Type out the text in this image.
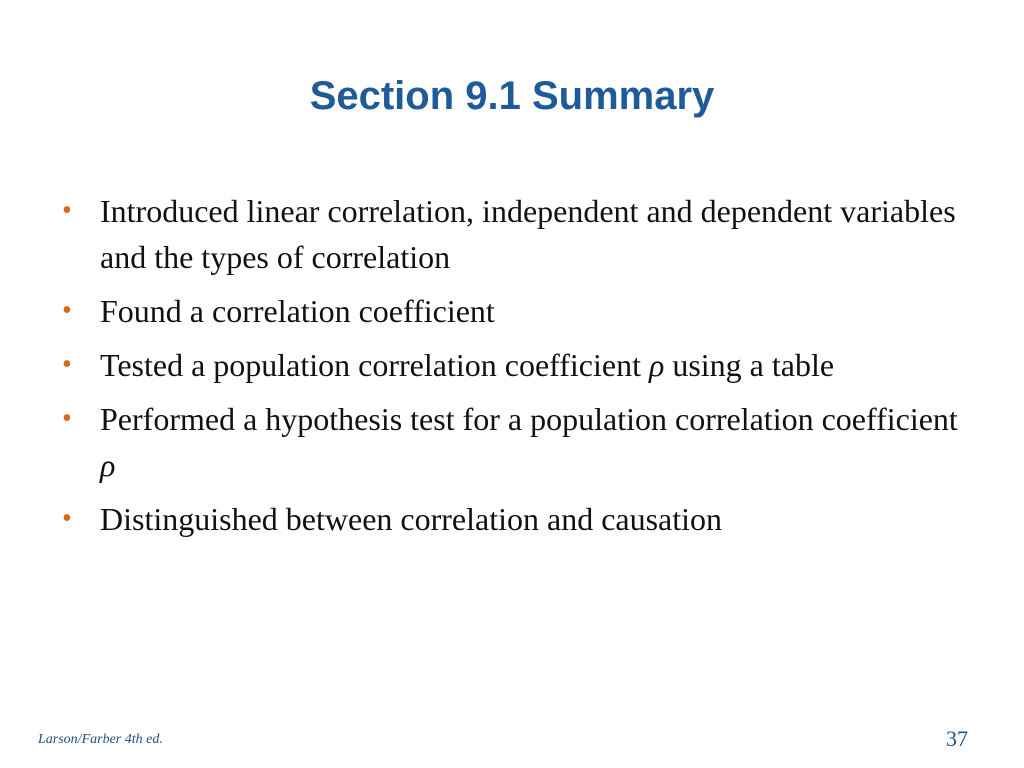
Section 9.1 Summary
• Introduced linear correlation, independent and dependent variables and the types of correlation
• Found a correlation coefficient
• Tested a population correlation coefficient ρ using a table
• Performed a hypothesis test for a population correlation coefficient ρ
• Distinguished between correlation and causation
Larson/Farber 4th ed.	37
